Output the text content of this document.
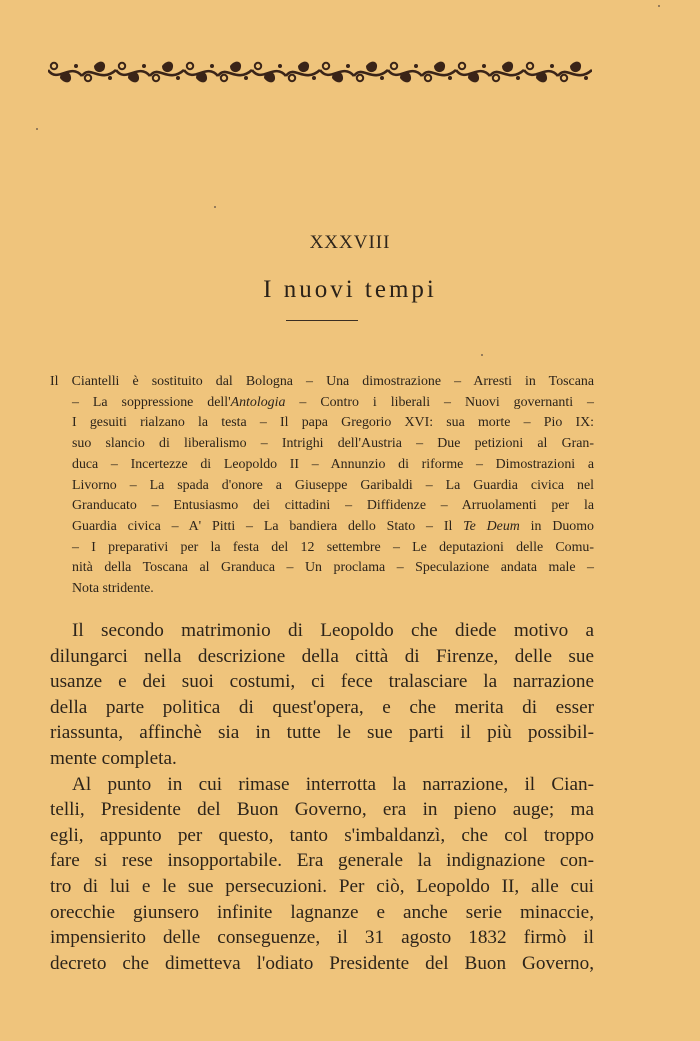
XXXVIII
I nuovi tempi
Il Ciantelli è sostituito dal Bologna – Una dimostrazione – Arresti in Toscana
– La soppressione dell'Antologia – Contro i liberali – Nuovi governanti –
I gesuiti rialzano la testa – Il papa Gregorio XVI: sua morte – Pio IX:
suo slancio di liberalismo – Intrighi dell'Austria – Due petizioni al Gran-
duca – Incertezze di Leopoldo II – Annunzio di riforme – Dimostrazioni a
Livorno – La spada d'onore a Giuseppe Garibaldi – La Guardia civica nel
Granducato – Entusiasmo dei cittadini – Diffidenze – Arruolamenti per la
Guardia civica – A' Pitti – La bandiera dello Stato – Il Te Deum in Duomo
– I preparativi per la festa del 12 settembre – Le deputazioni delle Comu-
nità della Toscana al Granduca – Un proclama – Speculazione andata male –
Nota stridente.
Il secondo matrimonio di Leopoldo che diede motivo a
dilungarci nella descrizione della città di Firenze, delle sue
usanze e dei suoi costumi, ci fece tralasciare la narrazione
della parte politica di quest'opera, e che merita di esser
riassunta, affinchè sia in tutte le sue parti il più possibil-
mente completa.
Al punto in cui rimase interrotta la narrazione, il Cian-
telli, Presidente del Buon Governo, era in pieno auge; ma
egli, appunto per questo, tanto s'imbaldanzì, che col troppo
fare si rese insopportabile. Era generale la indignazione con-
tro di lui e le sue persecuzioni. Per ciò, Leopoldo II, alle cui
orecchie giunsero infinite lagnanze e anche serie minaccie,
impensierito delle conseguenze, il 31 agosto 1832 firmò il
decreto che dimetteva l'odiato Presidente del Buon Governo,
